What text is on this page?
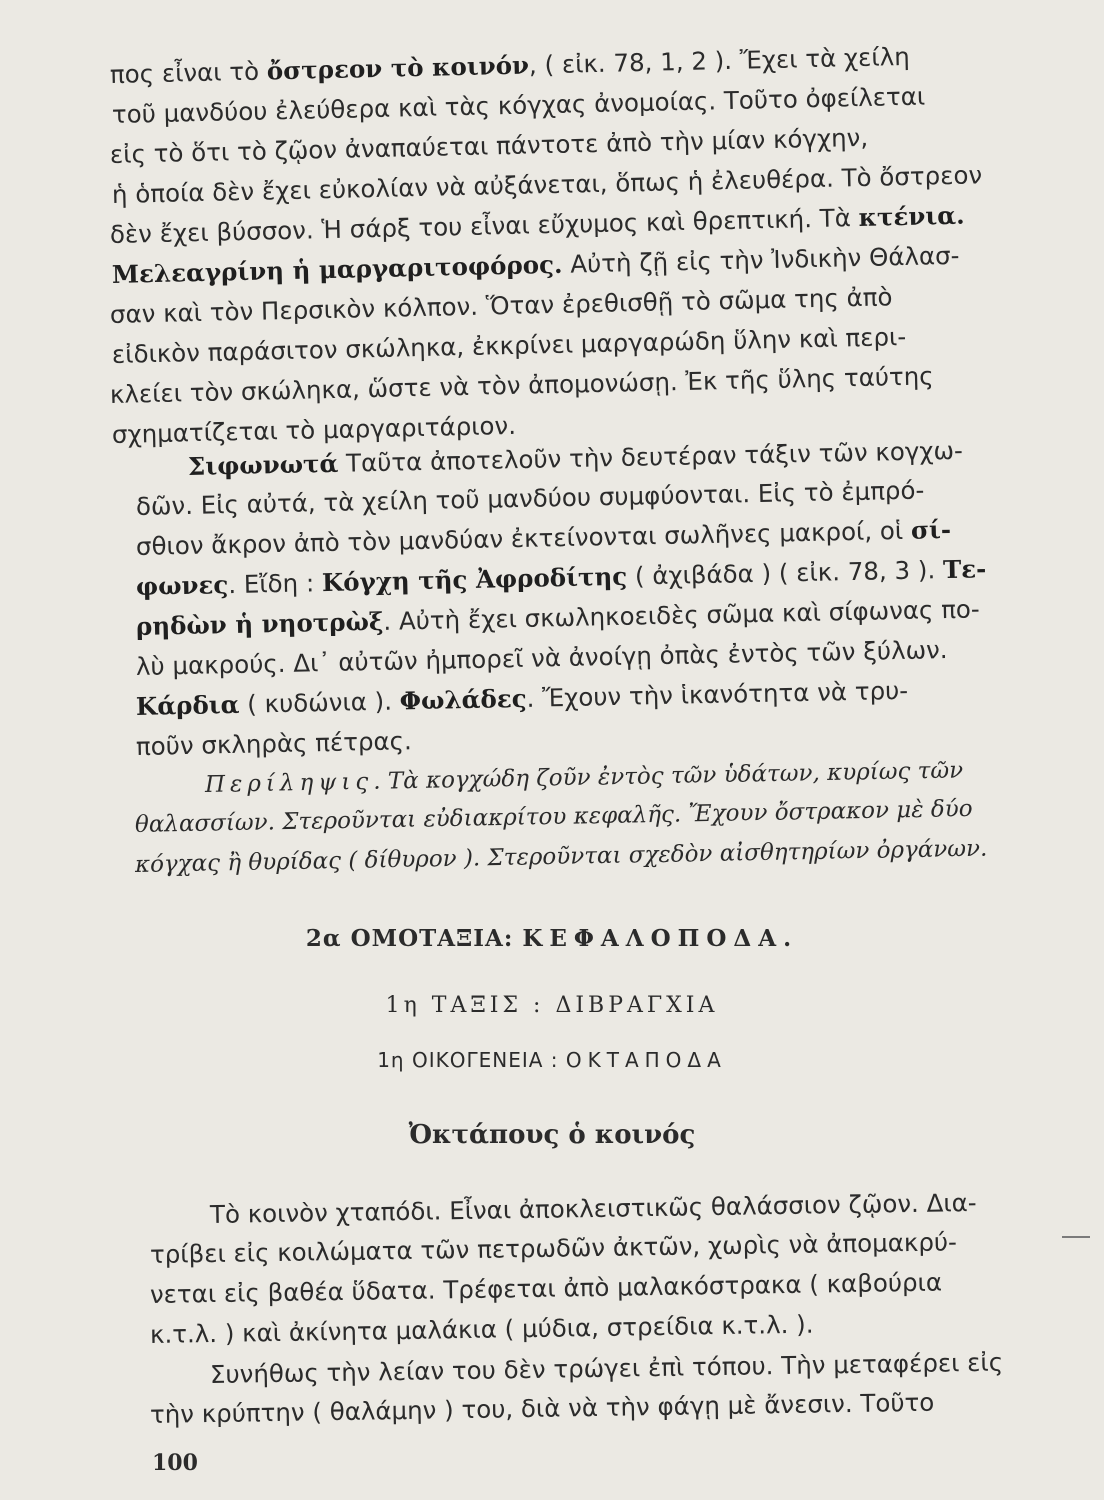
πος εἶναι τὸ ὄστρεον τὸ κοινόν, ( εἰκ. 78, 1, 2 ). Ἔχει τὰ χείλη
τοῦ μανδύου ἐλεύθερα καὶ τὰς κόγχας ἀνομοίας. Τοῦτο ὀφείλεται
εἰς τὸ ὅτι τὸ ζῷον ἀναπαύεται πάντοτε ἀπὸ τὴν μίαν κόγχην,
ἡ ὁποία δὲν ἔχει εὐκολίαν νὰ αὐξάνεται, ὅπως ἡ ἐλευθέρα. Τὸ ὄστρεον
δὲν ἔχει βύσσον. Ἡ σάρξ του εἶναι εὔχυμος καὶ θρεπτική. Τὰ κτένια.
Μελεαγρίνη ἡ μαργαριτοφόρος. Αὐτὴ ζῇ εἰς τὴν Ἰνδικὴν Θάλασ-
σαν καὶ τὸν Περσικὸν κόλπον. Ὅταν ἐρεθισθῇ τὸ σῶμα της ἀπὸ
εἰδικὸν παράσιτον σκώληκα, ἐκκρίνει μαργαρώδη ὕλην καὶ περι-
κλείει τὸν σκώληκα, ὥστε νὰ τὸν ἀπομονώσῃ. Ἐκ τῆς ὕλης ταύτης
σχηματίζεται τὸ μαργαριτάριον.
Σιφωνωτά Ταῦτα ἀποτελοῦν τὴν δευτέραν τάξιν τῶν κογχω-
δῶν. Εἰς αὐτά, τὰ χείλη τοῦ μανδύου συμφύονται. Εἰς τὸ ἐμπρό-
σθιον ἄκρον ἀπὸ τὸν μανδύαν ἐκτείνονται σωλῆνες μακροί, οἱ σί-
φωνες. Εἴδη : Κόγχη τῆς Ἀφροδίτης ( ἀχιβάδα ) ( εἰκ. 78, 3 ). Τε-
ρηδὼν ἡ νηοτρὼξ. Αὐτὴ ἔχει σκωληκοειδὲς σῶμα καὶ σίφωνας πο-
λὺ μακρούς. Δι᾽ αὐτῶν ἠμπορεῖ νὰ ἀνοίγῃ ὀπὰς ἐντὸς τῶν ξύλων.
Κάρδια ( κυδώνια ). Φωλάδες. Ἔχουν τὴν ἱκανότητα νὰ τρυ-
ποῦν σκληρὰς πέτρας.
Περίληψις. Τὰ κογχώδη ζοῦν ἐντὸς τῶν ὑδάτων, κυρίως τῶν
θαλασσίων. Στεροῦνται εὐδιακρίτου κεφαλῆς. Ἔχουν ὄστρακον μὲ δύο
κόγχας ἢ θυρίδας ( δίθυρον ). Στεροῦνται σχεδὸν αἰσθητηρίων ὀργάνων.
2α ΟΜΟΤΑΞΙΑ: ΚΕΦΑΛΟΠΟΔΑ.
1η ΤΑΞΙΣ : ΔΙΒΡΑΓΧΙΑ
1η ΟΙΚΟΓΕΝΕΙΑ : ΟΚΤΑΠΟΔΑ
Ὀκτάπους ὁ κοινός
Τὸ κοινὸν χταπόδι. Εἶναι ἀποκλειστικῶς θαλάσσιον ζῷον. Δια-
τρίβει εἰς κοιλώματα τῶν πετρωδῶν ἀκτῶν, χωρὶς νὰ ἀπομακρύ-
νεται εἰς βαθέα ὕδατα. Τρέφεται ἀπὸ μαλακόστρακα ( καβούρια
κ.τ.λ. ) καὶ ἀκίνητα μαλάκια ( μύδια, στρείδια κ.τ.λ. ).
Συνήθως τὴν λείαν του δὲν τρώγει ἐπὶ τόπου. Τὴν μεταφέρει εἰς
τὴν κρύπτην ( θαλάμην ) του, διὰ νὰ τὴν φάγῃ μὲ ἄνεσιν. Τοῦτο
100
